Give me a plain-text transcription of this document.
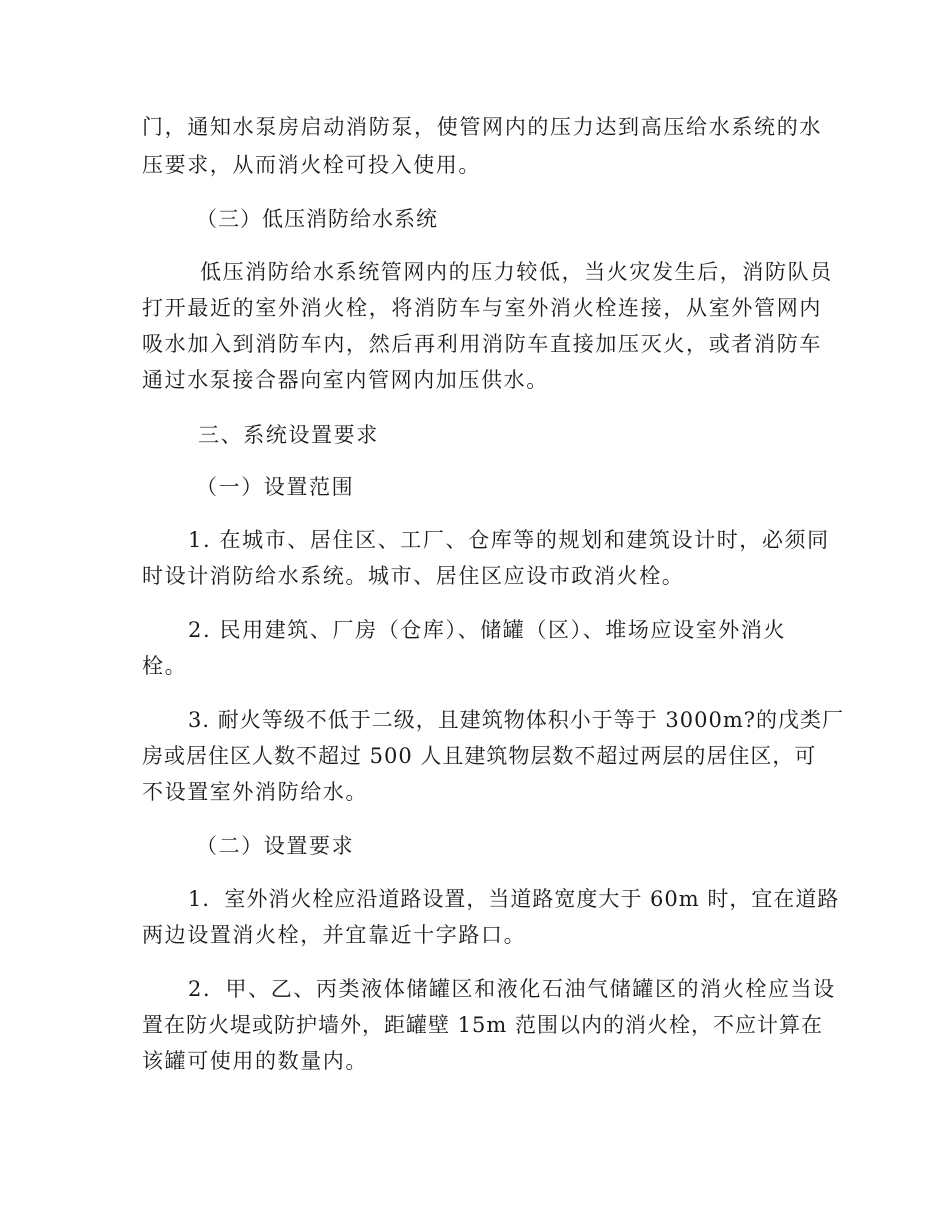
门，通知水泵房启动消防泵，使管网内的压力达到高压给水系统的水
压要求，从而消火栓可投入使用。
（三）低压消防给水系统
低压消防给水系统管网内的压力较低，当火灾发生后，消防队员
打开最近的室外消火栓，将消防车与室外消火栓连接，从室外管网内
吸水加入到消防车内，然后再利用消防车直接加压灭火，或者消防车
通过水泵接合器向室内管网内加压供水。
三、系统设置要求
（一）设置范围
1. 在城市、居住区、工厂、仓库等的规划和建筑设计时，必须同
时设计消防给水系统。城市、居住区应设市政消火栓。
2. 民用建筑、厂房（仓库）、储罐（区）、堆场应设室外消火
栓。
3. 耐火等级不低于二级，且建筑物体积小于等于 3000m?的戊类厂
房或居住区人数不超过 500 人且建筑物层数不超过两层的居住区，可
不设置室外消防给水。
（二）设置要求
1．室外消火栓应沿道路设置，当道路宽度大于 60m 时，宜在道路
两边设置消火栓，并宜靠近十字路口。
2．甲、乙、丙类液体储罐区和液化石油气储罐区的消火栓应当设
置在防火堤或防护墙外，距罐壁 15m 范围以内的消火栓，不应计算在
该罐可使用的数量内。
